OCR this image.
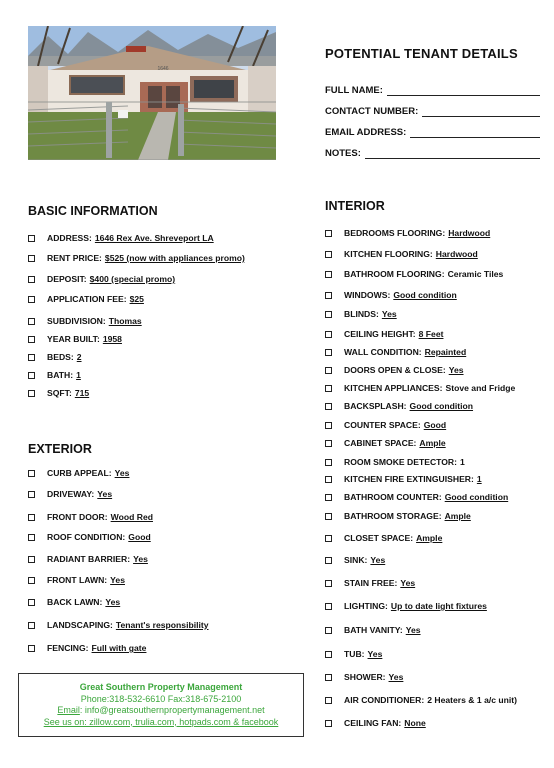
1646
POTENTIAL TENANT DETAILS
FULL NAME:
CONTACT NUMBER:
EMAIL ADDRESS:
NOTES:
BASIC INFORMATION
ADDRESS: 1646 Rex Ave. Shreveport LA
RENT PRICE: $525 (now with appliances promo)
DEPOSIT: $400 (special promo)
APPLICATION FEE: $25
SUBDIVISION: Thomas
YEAR BUILT: 1958
BEDS: 2
BATH: 1
SQFT: 715
EXTERIOR
CURB APPEAL: Yes
DRIVEWAY: Yes
FRONT DOOR: Wood Red
ROOF CONDITION: Good
RADIANT BARRIER: Yes
FRONT LAWN: Yes
BACK LAWN: Yes
LANDSCAPING: Tenant's responsibility
FENCING: Full with gate
INTERIOR
BEDROOMS FLOORING: Hardwood
KITCHEN FLOORING: Hardwood
BATHROOM FLOORING: Ceramic Tiles
WINDOWS: Good condition
BLINDS: Yes
CEILING HEIGHT: 8 Feet
WALL CONDITION: Repainted
DOORS OPEN & CLOSE: Yes
KITCHEN APPLIANCES: Stove and Fridge
BACKSPLASH: Good condition
COUNTER SPACE: Good
CABINET SPACE: Ample
ROOM SMOKE DETECTOR: 1
KITCHEN FIRE EXTINGUISHER: 1
BATHROOM COUNTER: Good condition
BATHROOM STORAGE: Ample
CLOSET SPACE: Ample
SINK: Yes
STAIN FREE: Yes
LIGHTING: Up to date light fixtures
BATH VANITY: Yes
TUB: Yes
SHOWER: Yes
AIR CONDITIONER: 2 Heaters & 1 a/c unit)
CEILING FAN: None
Great Southern Property Management
Phone:318-532-6610 Fax:318-675-2100
Email: info@greatsouthernpropertymanagement.net
See us on: zillow.com, trulia.com, hotpads.com & facebook
